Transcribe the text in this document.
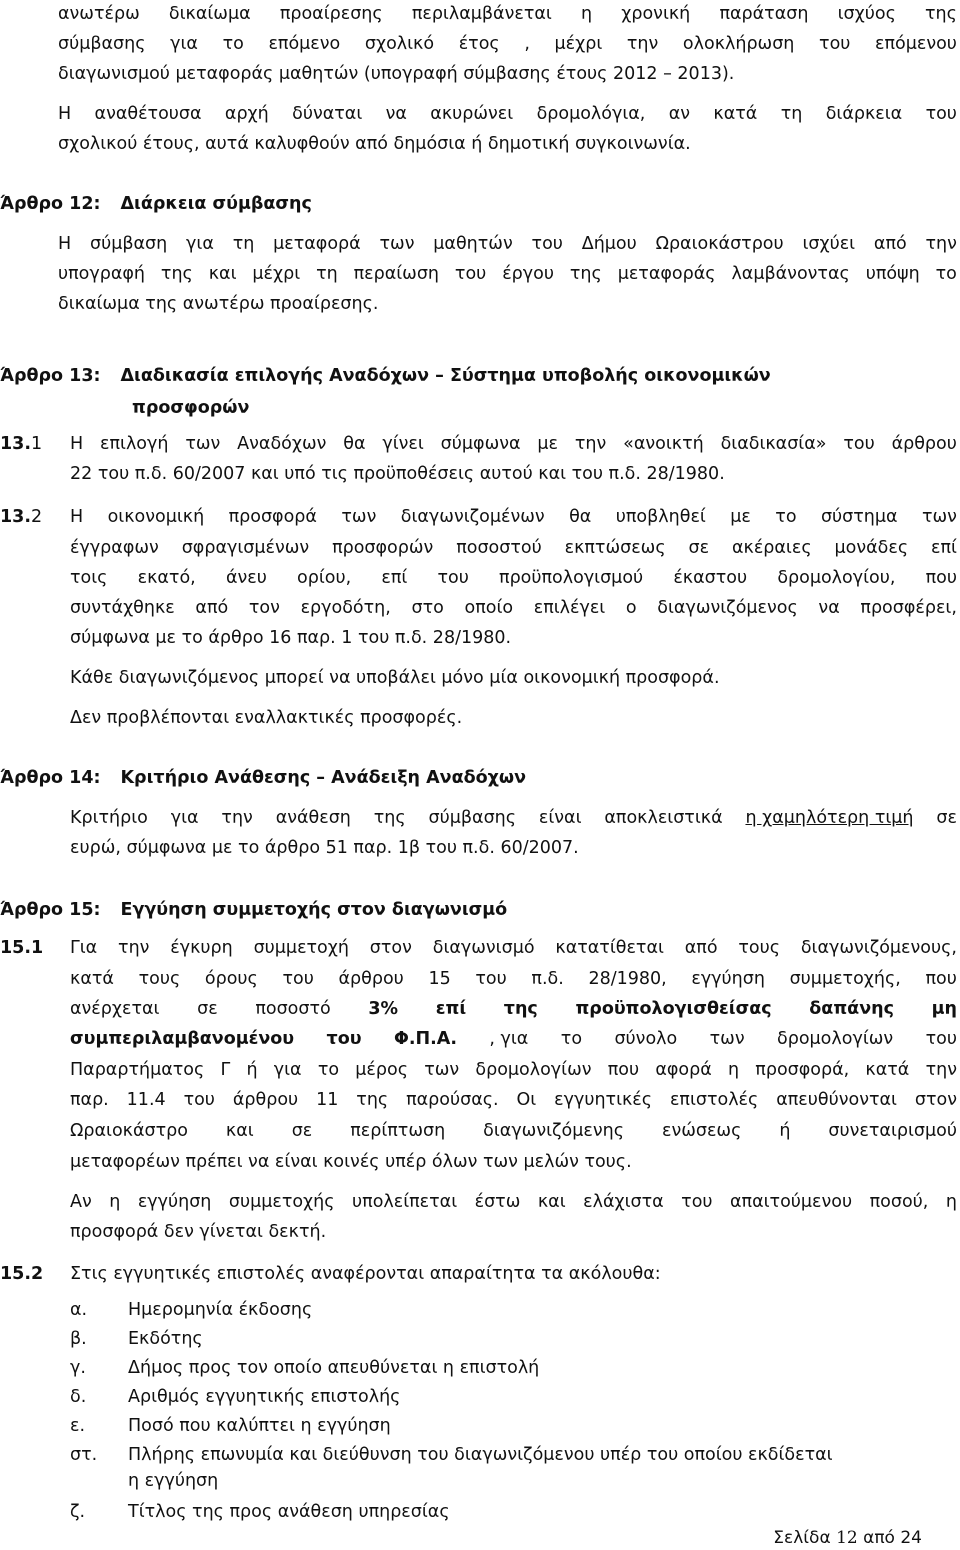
ανωτέρω δικαίωμα προαίρεσης περιλαμβάνεται η χρονική παράταση ισχύος της
σύμβασης για το επόμενο σχολικό έτος , μέχρι την ολοκλήρωση του επόμενου
διαγωνισμού μεταφοράς μαθητών (υπογραφή σύμβασης έτους 2012 – 2013).
Η αναθέτουσα αρχή δύναται να ακυρώνει δρομολόγια, αν κατά τη διάρκεια του
σχολικού έτους, αυτά καλυφθούν από δημόσια ή δημοτική συγκοινωνία.
Άρθρο 12: Διάρκεια σύμβασης
Η σύμβαση για τη μεταφορά των μαθητών του Δήμου Ωραιοκάστρου ισχύει από την
υπογραφή της και μέχρι τη περαίωση του έργου της μεταφοράς λαμβάνοντας υπόψη το
δικαίωμα της ανωτέρω προαίρεσης.
Άρθρο 13: Διαδικασία επιλογής Αναδόχων – Σύστημα υποβολής οικονομικών
προσφορών
13.1 Η επιλογή των Αναδόχων θα γίνει σύμφωνα με την «ανοικτή διαδικασία» του άρθρου
22 του π.δ. 60/2007 και υπό τις προϋποθέσεις αυτού και του π.δ. 28/1980.
13.2 Η οικονομική προσφορά των διαγωνιζομένων θα υποβληθεί με το σύστημα των
έγγραφων σφραγισμένων προσφορών ποσοστού εκπτώσεως σε ακέραιες μονάδες επί
τοις εκατό, άνευ ορίου, επί του προϋπολογισμού έκαστου δρομολογίου, που
συντάχθηκε από τον εργοδότη, στο οποίο επιλέγει ο διαγωνιζόμενος να προσφέρει,
σύμφωνα με το άρθρο 16 παρ. 1 του π.δ. 28/1980.
Κάθε διαγωνιζόμενος μπορεί να υποβάλει μόνο μία οικονομική προσφορά.
Δεν προβλέπονται εναλλακτικές προσφορές.
Άρθρο 14: Κριτήριο Ανάθεσης – Ανάδειξη Αναδόχων
Κριτήριο για την ανάθεση της σύμβασης είναι αποκλειστικά η χαμηλότερη τιμή σε
ευρώ, σύμφωνα με το άρθρο 51 παρ. 1β του π.δ. 60/2007.
Άρθρο 15: Εγγύηση συμμετοχής στον διαγωνισμό
15.1 Για την έγκυρη συμμετοχή στον διαγωνισμό κατατίθεται από τους διαγωνιζόμενους,
κατά τους όρους του άρθρου 15 του π.δ. 28/1980, εγγύηση συμμετοχής, που
ανέρχεται σε ποσοστό 3% επί της προϋπολογισθείσας δαπάνης μη
συμπεριλαμβανομένου του Φ.Π.Α. , για το σύνολο των δρομολογίων του
Παραρτήματος Γ ή για το μέρος των δρομολογίων που αφορά η προσφορά, κατά την
παρ. 11.4 του άρθρου 11 της παρούσας. Οι εγγυητικές επιστολές απευθύνονται στον
Ωραιοκάστρο και σε περίπτωση διαγωνιζόμενης ενώσεως ή συνεταιρισμού
μεταφορέων πρέπει να είναι κοινές υπέρ όλων των μελών τους.
Αν η εγγύηση συμμετοχής υπολείπεται έστω και ελάχιστα του απαιτούμενου ποσού, η
προσφορά δεν γίνεται δεκτή.
15.2 Στις εγγυητικές επιστολές αναφέρονται απαραίτητα τα ακόλουθα:
α. Ημερομηνία έκδοσης
β. Εκδότης
γ. Δήμος προς τον οποίο απευθύνεται η επιστολή
δ. Αριθμός εγγυητικής επιστολής
ε. Ποσό που καλύπτει η εγγύηση
στ. Πλήρης επωνυμία και διεύθυνση του διαγωνιζόμενου υπέρ του οποίου εκδίδεται
η εγγύηση
ζ. Τίτλος της προς ανάθεση υπηρεσίας
Σελίδα 12 από 24
